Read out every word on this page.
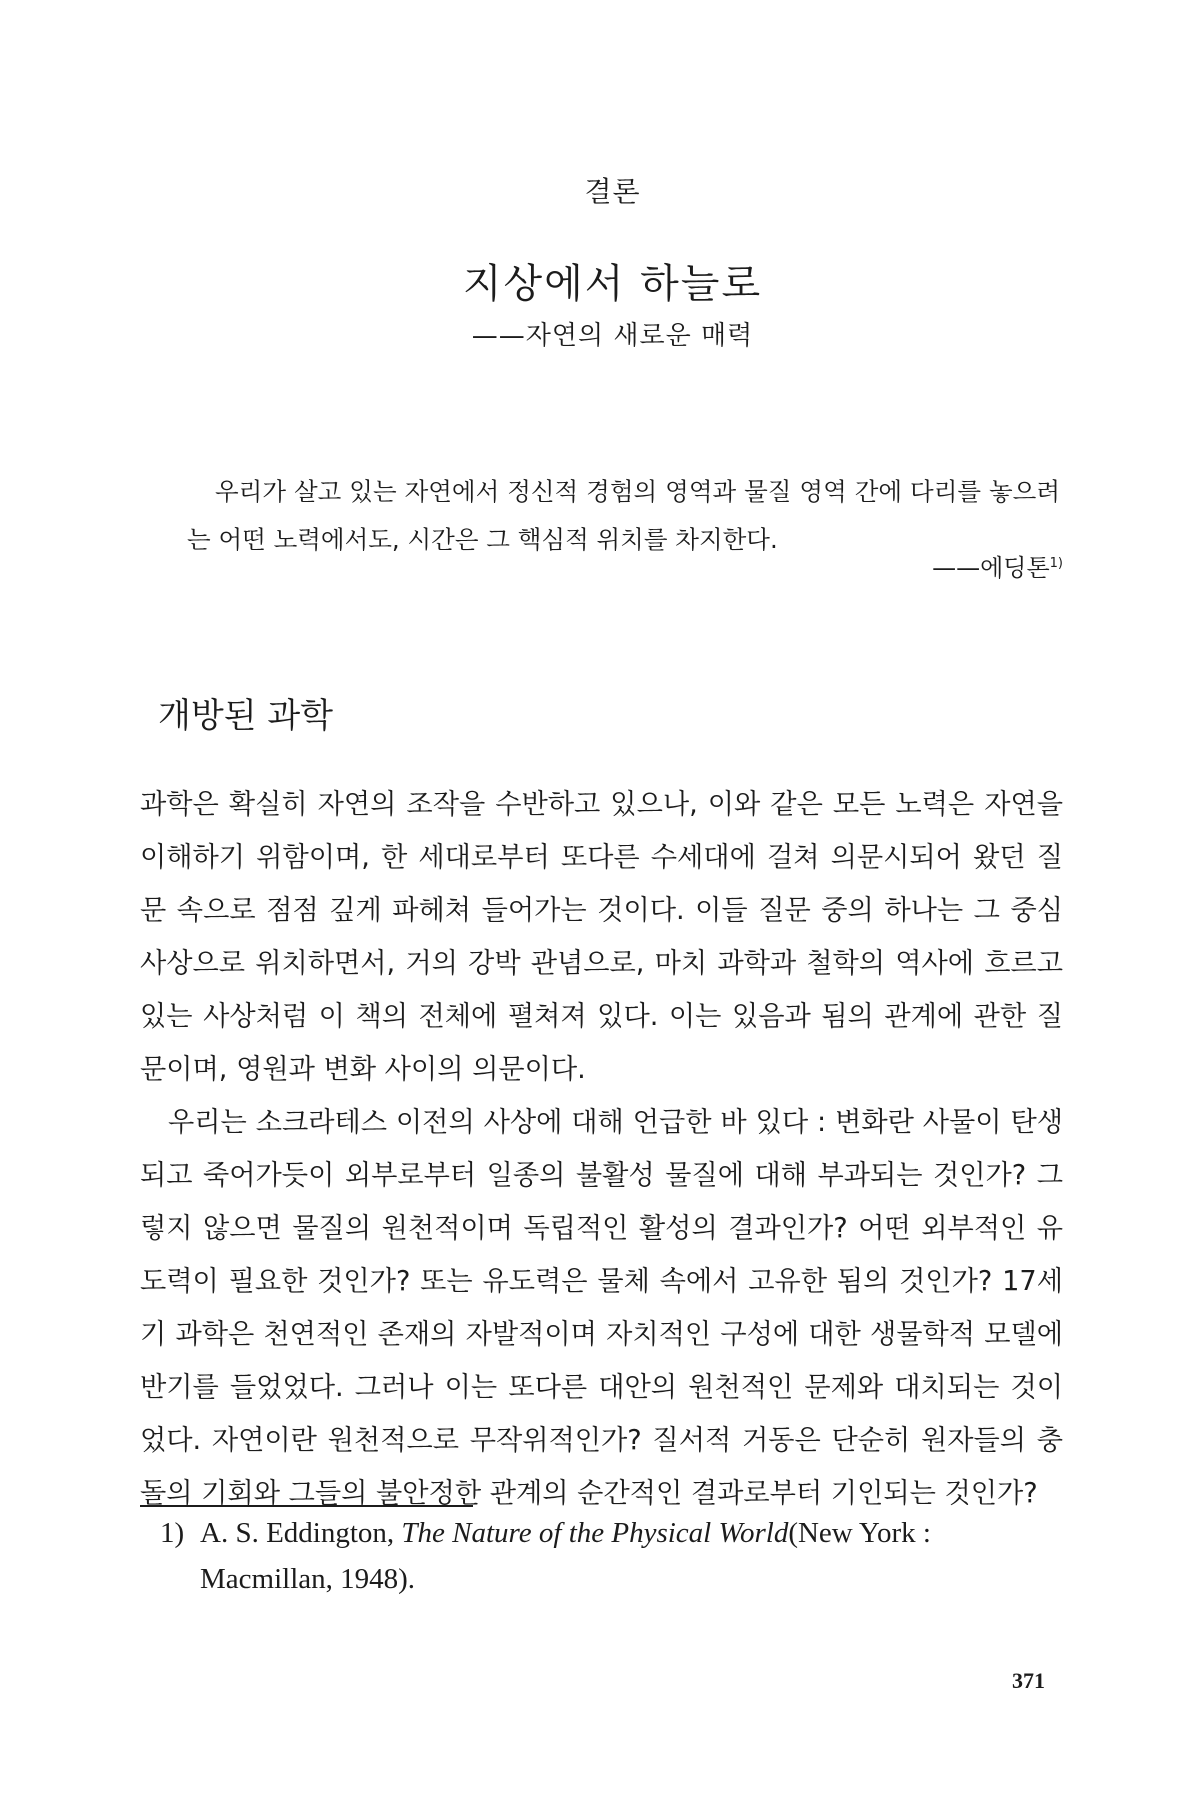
결론
지상에서 하늘로
——자연의 새로운 매력
우리가 살고 있는 자연에서 정신적 경험의 영역과 물질 영역 간에 다리를 놓으려는 어떤 노력에서도, 시간은 그 핵심적 위치를 차지한다.
——에딩톤$^{1)}$
개방된 과학

과학은 확실히 자연의 조작을 수반하고 있으나, 이와 같은 모든 노력은 자연을 이해하기 위함이며, 한 세대로부터 또다른 수세대에 걸쳐 의문시되어 왔던 질문 속으로 점점 깊게 파헤쳐 들어가는 것이다. 이들 질문 중의 하나는 그 중심 사상으로 위치하면서, 거의 강박 관념으로, 마치 과학과 철학의 역사에 흐르고 있는 사상처럼 이 책의 전체에 펼쳐져 있다. 이는 있음과 됨의 관계에 관한 질문이며, 영원과 변화 사이의 의문이다.

우리는 소크라테스 이전의 사상에 대해 언급한 바 있다 : 변화란 사물이 탄생되고 죽어가듯이 외부로부터 일종의 불활성 물질에 대해 부과되는 것인가? 그렇지 않으면 물질의 원천적이며 독립적인 활성의 결과인가? 어떤 외부적인 유도력이 필요한 것인가? 또는 유도력은 물체 속에서 고유한 됨의 것인가? 17세기 과학은 천연적인 존재의 자발적이며 자치적인 구성에 대한 생물학적 모델에 반기를 들었었다. 그러나 이는 또다른 대안의 원천적인 문제와 대치되는 것이었다. 자연이란 원천적으로 무작위적인가? 질서적 거동은 단순히 원자들의 충돌의 기회와 그들의 불안정한 관계의 순간적인 결과로부터 기인되는 것인가?

1) A. S. Eddington, The Nature of the Physical World(New York :
Macmillan, 1948).
371
